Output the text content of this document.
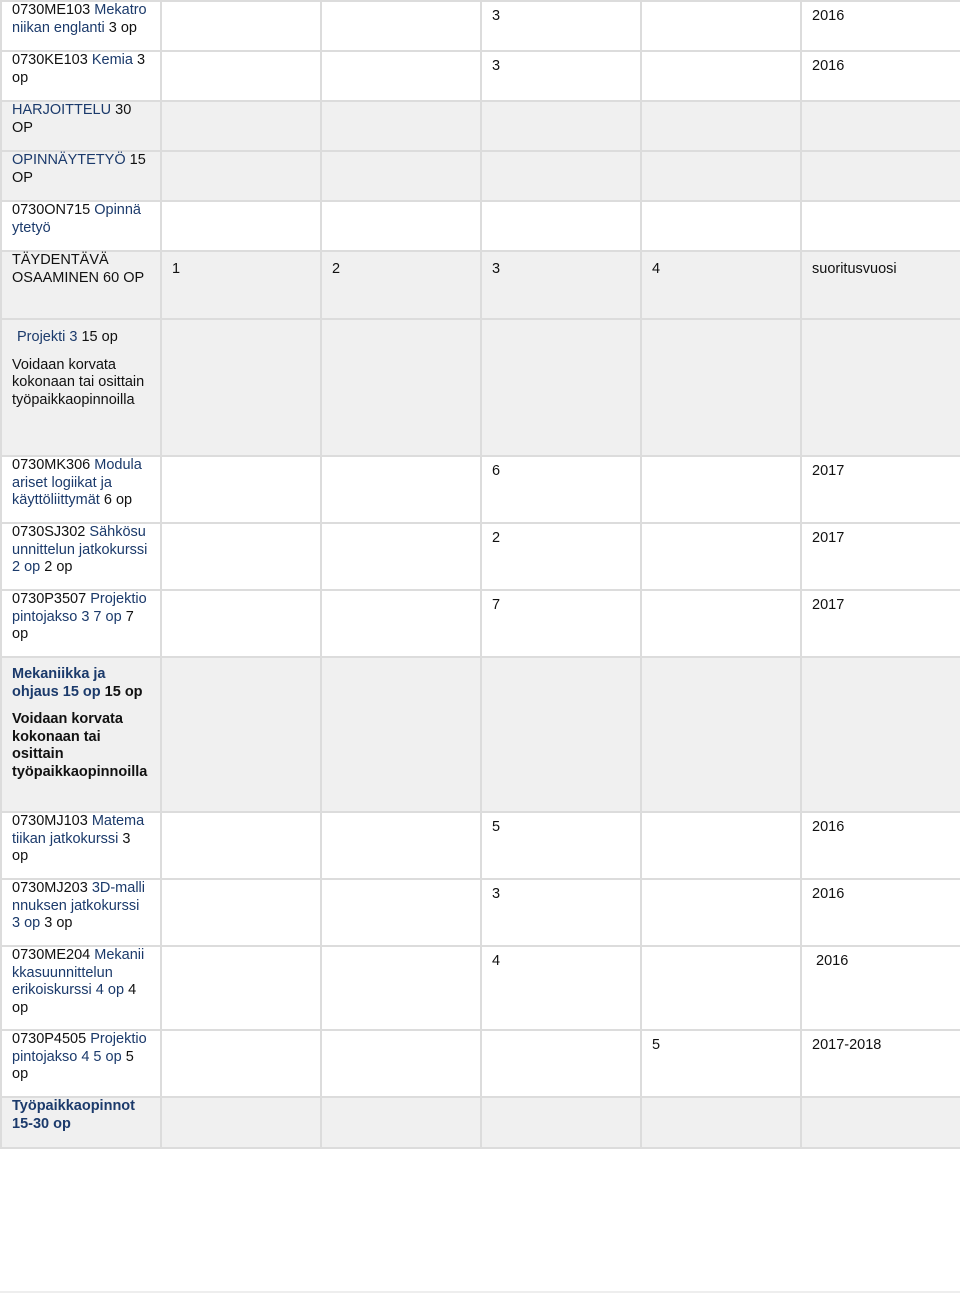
0730ME103 Mekatro niikan englanti 3 op			3		2016

0730KE103 Kemia 3 op			3		2016

HARJOITTELU 30 OP					
OPINNÄYTETYÖ 15 OP					
0730ON715 Opinnä ytetyö					
TÄYDENTÄVÄ OSAAMINEN 60 OP	1	2	3	4	suoritusvuosi

Projekti 3 15 op
Voidaan korvata kokonaan tai osittain työpaikkaopinnoilla					

0730MK306 Modula ariset logiikat ja käyttöliittymät 6 op			6		2017

0730SJ302 Sähkösu unnittelun jatkokurssi 2 op 2 op			2		2017

0730P3507 Projektio pintojakso 3 7 op 7 op			7		2017

Mekaniikka ja ohjaus 15 op 15 op
Voidaan korvata kokonaan tai osittain työpaikkaopinnoilla					

0730MJ103 Matema tiikan jatkokurssi 3 op			5		2016

0730MJ203 3D-malli nnuksen jatkokurssi 3 op 3 op			3		2016

0730ME204 Mekanii kkasuunnittelun erikoiskurssi 4 op 4 op			4		2016

0730P4505 Projektio pintojakso 4 5 op 5 op				5	2017-2018

Työpaikkaopinnot 15-30 op					
